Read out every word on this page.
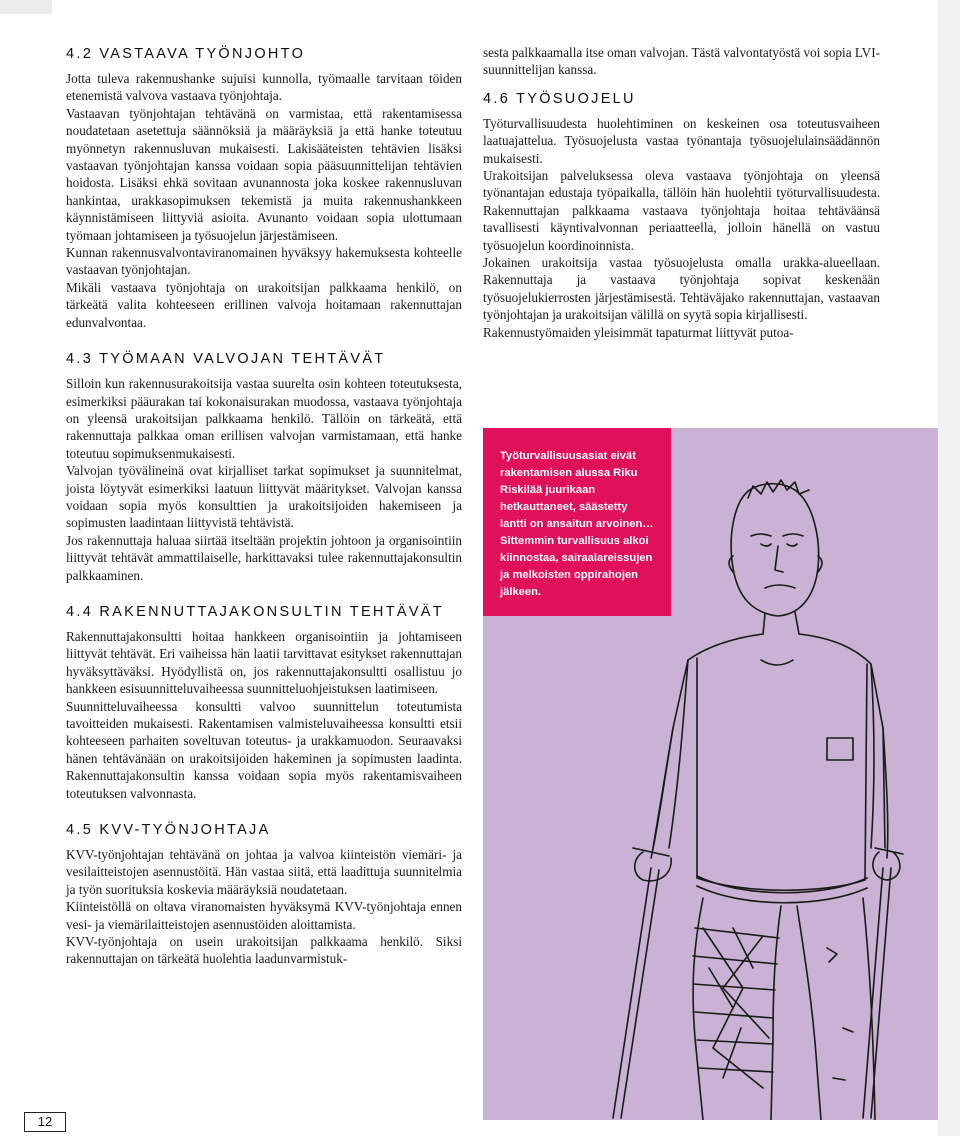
4.2 VASTAAVA TYÖNJOHTO

Jotta tuleva rakennushanke sujuisi kunnolla, työmaalle tarvitaan töiden etenemistä valvova vastaava työnjohtaja.

Vastaavan työnjohtajan tehtävänä on varmistaa, että rakentamisessa noudatetaan asetettuja säännöksiä ja määräyksiä ja että hanke toteutuu myönnetyn rakennusluvan mukaisesti. Lakisääteisten tehtävien lisäksi vastaavan työnjohtajan kanssa voidaan sopia pääsuunnittelijan tehtävien hoidosta. Lisäksi ehkä sovitaan avunannosta joka koskee rakennusluvan hankintaa, urakkasopimuksen tekemistä ja muita rakennushankkeen käynnistämiseen liittyviä asioita. Avunanto voidaan sopia ulottumaan työmaan johtamiseen ja työsuojelun järjestämiseen.

Kunnan rakennusvalvontaviranomainen hyväksyy hakemuksesta kohteelle vastaavan työnjohtajan.

Mikäli vastaava työnjohtaja on urakoitsijan palkkaama henkilö, on tärkeätä valita kohteeseen erillinen valvoja hoitamaan rakennuttajan edunvalvontaa.

4.3 TYÖMAAN VALVOJAN TEHTÄVÄT

Silloin kun rakennusurakoitsija vastaa suurelta osin kohteen toteutuksesta, esimerkiksi pääurakan tai kokonaisurakan muodossa, vastaava työnjohtaja on yleensä urakoitsijan palkkaama henkilö. Tällöin on tärkeätä, että rakennuttaja palkkaa oman erillisen valvojan varmistamaan, että hanke toteutuu sopimuksenmukaisesti.

Valvojan työvälineinä ovat kirjalliset tarkat sopimukset ja suunnitelmat, joista löytyvät esimerkiksi laatuun liittyvät määritykset. Valvojan kanssa voidaan sopia myös konsulttien ja urakoitsijoiden hakemiseen ja sopimusten laadintaan liittyvistä tehtävistä.

Jos rakennuttaja haluaa siirtää itseltään projektin johtoon ja organisointiin liittyvät tehtävät ammattilaiselle, harkittavaksi tulee rakennuttajakonsultin palkkaaminen.

4.4 RAKENNUTTAJAKONSULTIN TEHTÄVÄT

Rakennuttajakonsultti hoitaa hankkeen organisointiin ja johtamiseen liittyvät tehtävät. Eri vaiheissa hän laatii tarvittavat esitykset rakennuttajan hyväksyttäväksi. Hyödyllistä on, jos rakennuttajakonsultti osallistuu jo hankkeen esisuunnitteluvaiheessa suunnitteluohjeistuksen laatimiseen.

Suunnitteluvaiheessa konsultti valvoo suunnittelun toteutumista tavoitteiden mukaisesti. Rakentamisen valmisteluvaiheessa konsultti etsii kohteeseen parhaiten soveltuvan toteutus- ja urakkamuodon. Seuraavaksi hänen tehtävänään on urakoitsijoiden hakeminen ja sopimusten laadinta. Rakennuttajakonsultin kanssa voidaan sopia myös rakentamisvaiheen toteutuksen valvonnasta.

4.5 KVV-TYÖNJOHTAJA

KVV-työnjohtajan tehtävänä on johtaa ja valvoa kiinteistön viemäri- ja vesilaitteistojen asennustöitä. Hän vastaa siitä, että laadittuja suunnitelmia ja työn suorituksia koskevia määräyksiä noudatetaan.

Kiinteistöllä on oltava viranomaisten hyväksymä KVV-työnjohtaja ennen vesi- ja viemärilaitteistojen asennustöiden aloittamista.

KVV-työnjohtaja on usein urakoitsijan palkkaama henkilö. Siksi rakennuttajan on tärkeätä huolehtia laadunvarmistuk-

sesta palkkaamalla itse oman valvojan. Tästä valvontatyöstä voi sopia LVI-suunnittelijan kanssa.

4.6 TYÖSUOJELU

Työturvallisuudesta huolehtiminen on keskeinen osa toteutusvaiheen laatuajattelua. Työsuojelusta vastaa työnantaja työsuojelulainsäädännön mukaisesti.

Urakoitsijan palveluksessa oleva vastaava työnjohtaja on yleensä työnantajan edustaja työpaikalla, tällöin hän huolehtii työturvallisuudesta. Rakennuttajan palkkaama vastaava työnjohtaja hoitaa tehtäväänsä tavallisesti käyntivalvonnan periaatteella, jolloin hänellä on vastuu työsuojelun koordinoinnista.

Jokainen urakoitsija vastaa työsuojelusta omalla urakka-alueellaan. Rakennuttaja ja vastaava työnjohtaja sopivat keskenään työsuojelukierrosten järjestämisestä. Tehtäväjako rakennuttajan, vastaavan työnjohtajan ja urakoitsijan välillä on syytä sopia kirjallisesti.

Rakennustyömaiden yleisimmät tapaturmat liittyvät putoa-

Työturvallisuusasiat eivät
rakentamisen alussa Riku
Riskilää juurikaan
hetkauttaneet, säästetty
lantti on ansaitun arvoinen…
Sittemmin turvallisuus alkoi
kiinnostaa, sairaalareissujen
ja melkoisten oppirahojen
jälkeen.
12
